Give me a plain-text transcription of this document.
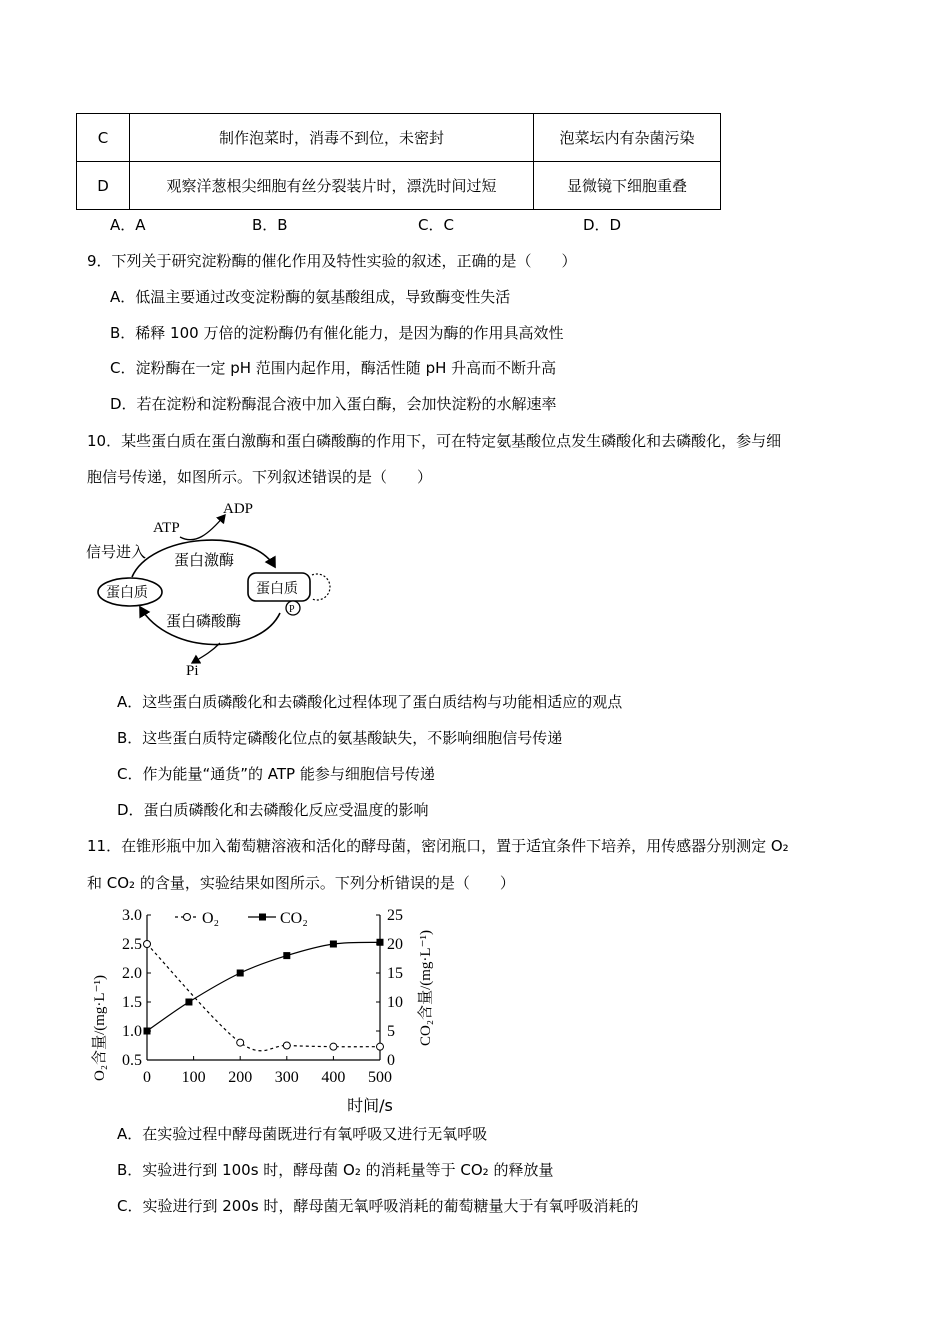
C	制作泡菜时，消毒不到位，未密封	泡菜坛内有杂菌污染
D	观察洋葱根尖细胞有丝分裂装片时，漂洗时间过短	显微镜下细胞重叠
A．A	B．B	C．C	D．D
9．下列关于研究淀粉酶的催化作用及特性实验的叙述，正确的是（　　）
A．低温主要通过改变淀粉酶的氨基酸组成，导致酶变性失活
B．稀释 100 万倍的淀粉酶仍有催化能力，是因为酶的作用具高效性
C．淀粉酶在一定 pH 范围内起作用，酶活性随 pH 升高而不断升高
D．若在淀粉和淀粉酶混合液中加入蛋白酶，会加快淀粉的水解速率
10．某些蛋白质在蛋白激酶和蛋白磷酸酶的作用下，可在特定氨基酸位点发生磷酸化和去磷酸化，参与细
胞信号传递，如图所示。下列叙述错误的是（　　）
ATP
ADP
信号进入 蛋白激酶
蛋白质	蛋白质
P
蛋白磷酸酶
Pi
A．这些蛋白质磷酸化和去磷酸化过程体现了蛋白质结构与功能相适应的观点
B．这些蛋白质特定磷酸化位点的氨基酸缺失，不影响细胞信号传递
C．作为能量“通货”的 ATP 能参与细胞信号传递
D．蛋白质磷酸化和去磷酸化反应受温度的影响
11．在锥形瓶中加入葡萄糖溶液和活化的酵母菌，密闭瓶口，置于适宜条件下培养，用传感器分别测定 O₂
和 CO₂ 的含量，实验结果如图所示。下列分析错误的是（　　）
0 100 200 300 400 500
0.5
1.0
1.5
2.0
2.5
3.0
0
5
10
15
20
25
O₂	CO₂
O₂含量/(mg·L⁻¹)	CO₂含量/(mg·L⁻¹)
时间/s
A．在实验过程中酵母菌既进行有氧呼吸又进行无氧呼吸
B．实验进行到 100s 时，酵母菌 O₂ 的消耗量等于 CO₂ 的释放量
C．实验进行到 200s 时，酵母菌无氧呼吸消耗的葡萄糖量大于有氧呼吸消耗的
